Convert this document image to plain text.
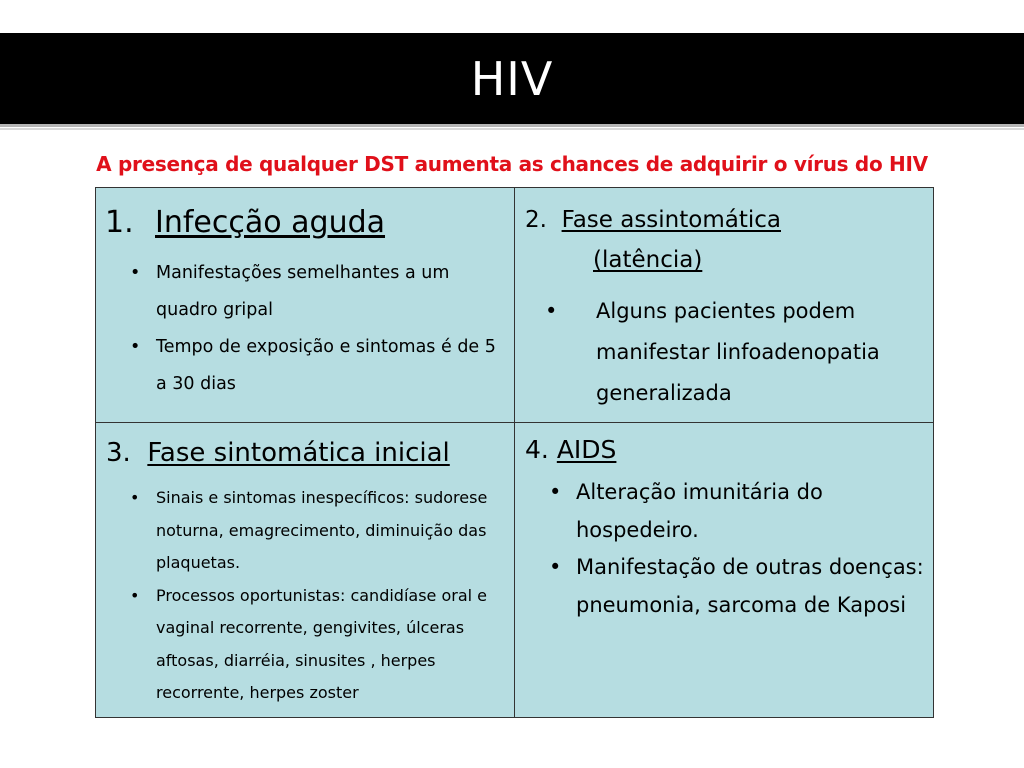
HIV

A presença de qualquer DST aumenta as chances de adquirir o vírus do HIV

1. Infecção aguda
• Manifestações semelhantes a um quadro gripal
• Tempo de exposição e sintomas é de 5 a 30 dias
2. Fase assintomática
(latência)
• Alguns pacientes podem manifestar linfoadenopatia generalizada
3. Fase sintomática inicial
• Sinais e sintomas inespecíficos: sudorese noturna, emagrecimento, diminuição das plaquetas.
• Processos oportunistas: candidíase oral e vaginal recorrente, gengivites, úlceras aftosas, diarréia, sinusites , herpes recorrente, herpes zoster
4. AIDS
• Alteração imunitária do hospedeiro.
• Manifestação de outras doenças: pneumonia, sarcoma de Kaposi
